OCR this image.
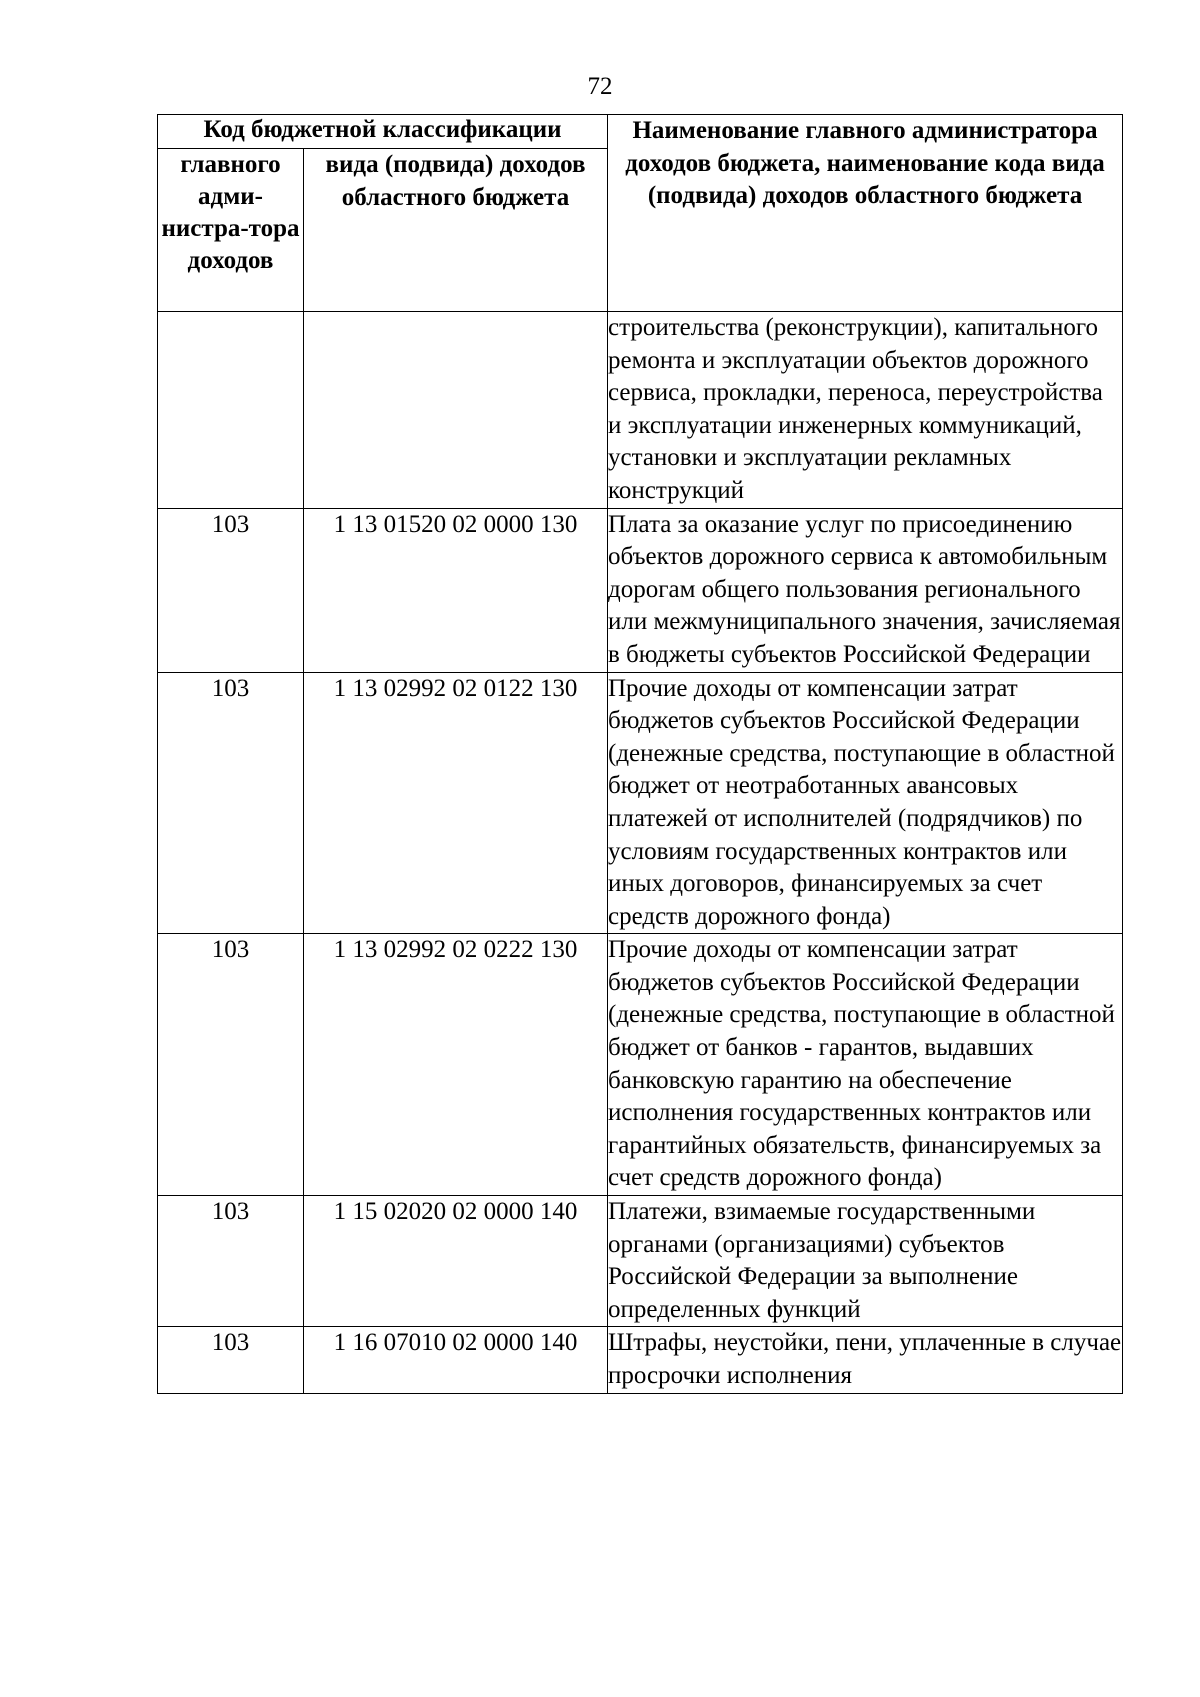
72
Код бюджетной классификации		Наименование главного администратора доходов бюджета, наименование кода вида (подвида) доходов областного бюджета

главного адми-нистра-тора доходов	вида (подвида) доходов областного бюджета	

		строительства (реконструкции), капитального ремонта и эксплуатации объектов дорожного сервиса, прокладки, переноса, переустройства и эксплуатации инженерных коммуникаций, установки и эксплуатации рекламных конструкций
103	1 13 01520 02 0000 130	Плата за оказание услуг по присоединению объектов дорожного сервиса к автомобильным дорогам общего пользования регионального или межмуниципального значения, зачисляемая в бюджеты субъектов Российской Федерации
103	1 13 02992 02 0122 130	Прочие доходы от компенсации затрат бюджетов субъектов Российской Федерации (денежные средства, поступающие в областной бюджет от неотработанных авансовых платежей от исполнителей (подрядчиков) по условиям государственных контрактов или иных договоров, финансируемых за счет средств дорожного фонда)
103	1 13 02992 02 0222 130	Прочие доходы от компенсации затрат бюджетов субъектов Российской Федерации (денежные средства, поступающие в областной бюджет от банков - гарантов, выдавших банковскую гарантию на обеспечение исполнения государственных контрактов или гарантийных обязательств, финансируемых за счет средств дорожного фонда)
103	1 15 02020 02 0000 140	Платежи, взимаемые государственными органами (организациями) субъектов Российской Федерации за выполнение определенных функций
103	1 16 07010 02 0000 140	Штрафы, неустойки, пени, уплаченные в случае просрочки исполнения
